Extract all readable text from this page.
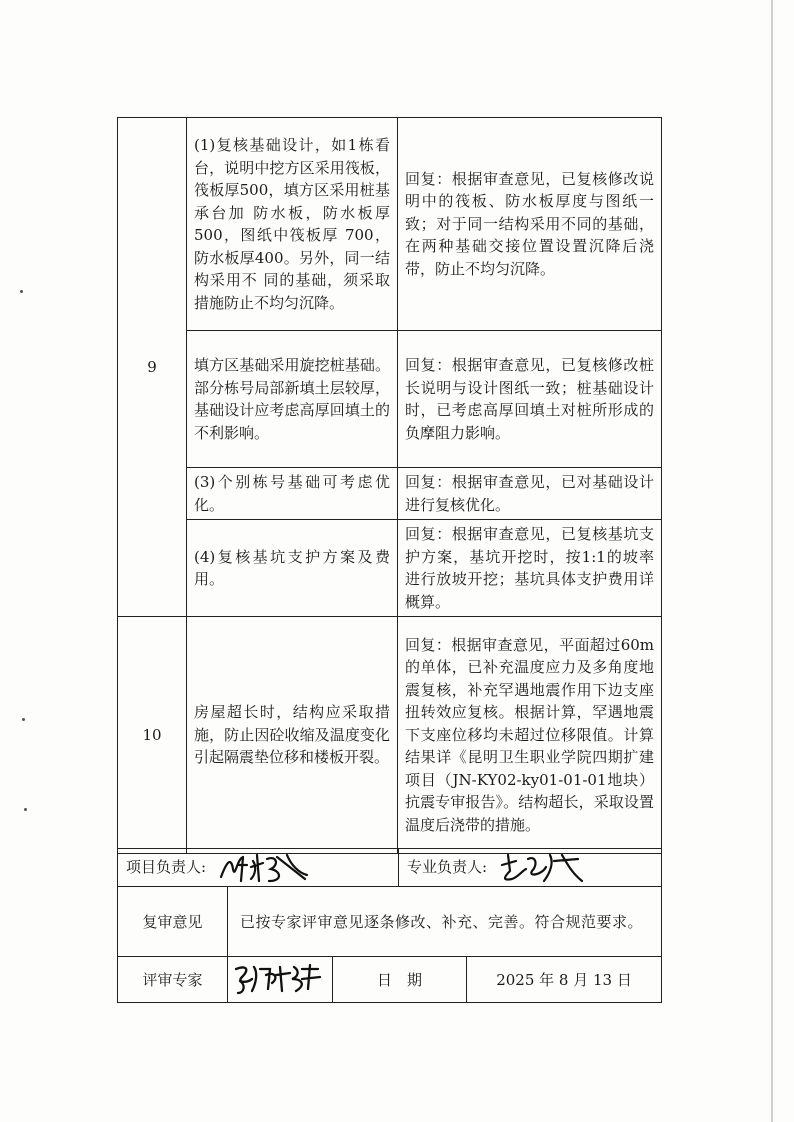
9	(1)复核基础设计，如1栋看台，说明中挖方区采用筏板，筏板厚500，填方区采用桩基承台加 防水板，防水板厚500，图纸中筏板厚 700，防水板厚400。另外，同一结构采用不 同的基础，须采取措施防止不均匀沉降。	回复：根据审查意见，已复核修改说明中的筏板、防水板厚度与图纸一致；对于同一结构采用不同的基础，在两种基础交接位置设置沉降后浇带，防止不均匀沉降。
	填方区基础采用旋挖桩基础。部分栋号局部新填土层较厚，基础设计应考虑高厚回填土的不利影响。	回复：根据审查意见，已复核修改桩长说明与设计图纸一致；桩基础设计时，已考虑高厚回填土对桩所形成的负摩阻力影响。
	(3)个别栋号基础可考虑优化。	回复：根据审查意见，已对基础设计进行复核优化。
	(4)复核基坑支护方案及费用。	回复：根据审查意见，已复核基坑支护方案，基坑开挖时，按1:1的坡率进行放坡开挖；基坑具体支护费用详概算。
10	房屋超长时，结构应采取措施，防止因砼收缩及温度变化引起隔震垫位移和楼板开裂。	回复：根据审查意见，平面超过60m的单体，已补充温度应力及多角度地震复核，补充罕遇地震作用下边支座扭转效应复核。根据计算，罕遇地震下支座位移均未超过位移限值。计算结果详《昆明卫生职业学院四期扩建项目（JN-KY02-ky01-01-01地块）抗震专审报告》。结构超长，采取设置温度后浇带的措施。
项目负责人:			专业负责人:	
复审意见	已按专家评审意见逐条修改、补充、完善。符合规范要求。			
评审专家		日　期		2025 年 8 月 13 日
